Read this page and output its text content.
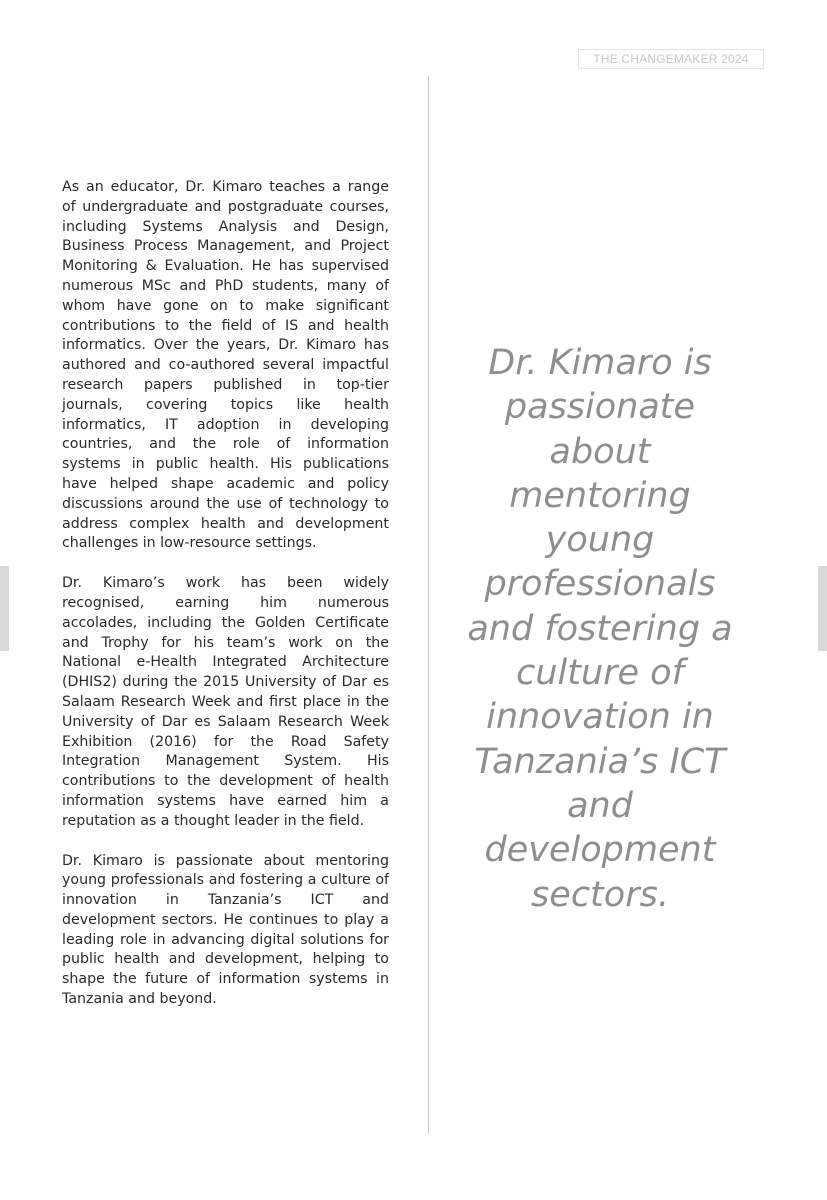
THE CHANGEMAKER 2024

As an educator, Dr. Kimaro teaches a range of undergraduate and postgraduate courses, including Systems Analysis and Design, Business Process Management, and Project Monitoring & Evaluation. He has supervised numerous MSc and PhD students, many of whom have gone on to make significant contributions to the field of IS and health informatics. Over the years, Dr. Kimaro has authored and co-authored several impactful research papers published in top-tier journals, covering topics like health informatics, IT adoption in developing countries, and the role of information systems in public health. His publications have helped shape academic and policy discussions around the use of technology to address complex health and development challenges in low-resource settings.

Dr. Kimaro’s work has been widely recognised, earning him numerous accolades, including the Golden Certificate and Trophy for his team’s work on the National e-Health Integrated Architecture (DHIS2) during the 2015 University of Dar es Salaam Research Week and first place in the University of Dar es Salaam Research Week Exhibition (2016) for the Road Safety Integration Management System. His contributions to the development of health information systems have earned him a reputation as a thought leader in the field.

Dr. Kimaro is passionate about mentoring young professionals and fostering a culture of innovation in Tanzania’s ICT and development sectors. He continues to play a leading role in advancing digital solutions for public health and development, helping to shape the future of information systems in Tanzania and beyond.

Dr. Kimaro is passionate about mentoring young professionals and fostering a culture of innovation in Tanzania’s ICT and development sectors.
